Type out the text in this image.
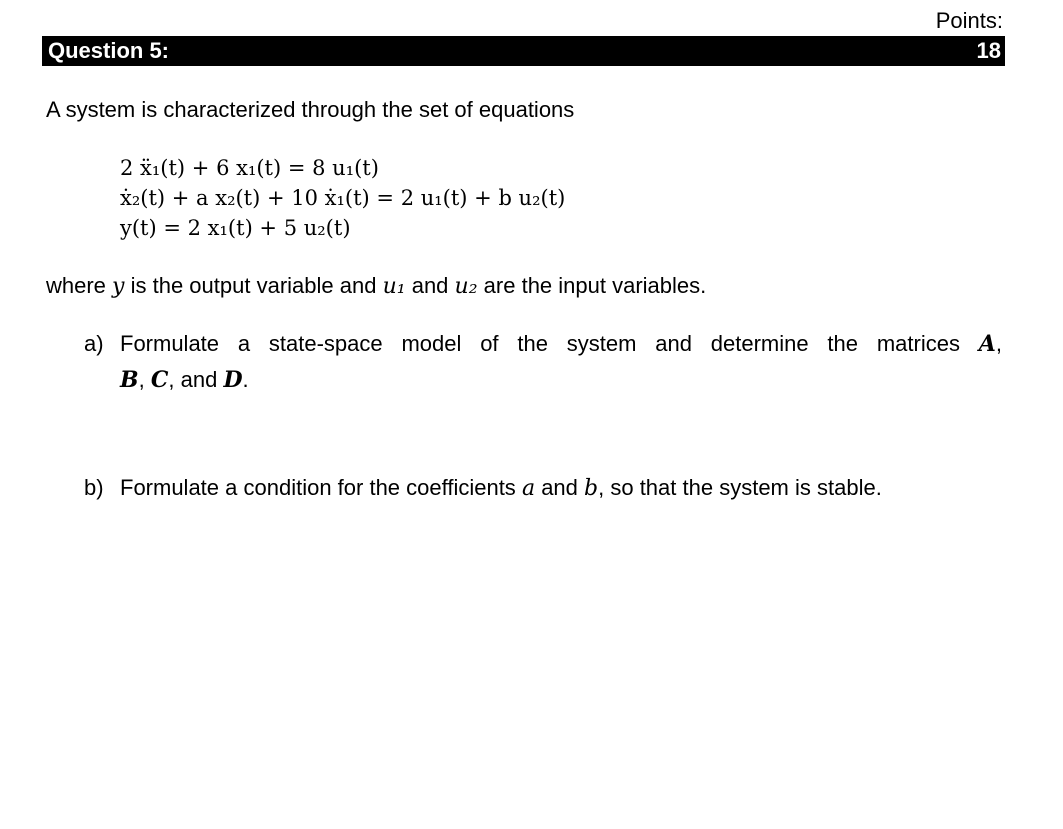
Points:
Question 5:	18
A system is characterized through the set of equations
2 ẍ₁(t) + 6 x₁(t) = 8 u₁(t)
ẋ₂(t) + a x₂(t) + 10 ẋ₁(t) = 2 u₁(t) + b u₂(t)
y(t) = 2 x₁(t) + 5 u₂(t)
where y is the output variable and u₁ and u₂ are the input variables.
a) Formulate a state-space model of the system and determine the matrices A,
B, C, and D.
b) Formulate a condition for the coefficients a and b, so that the system is stable.
